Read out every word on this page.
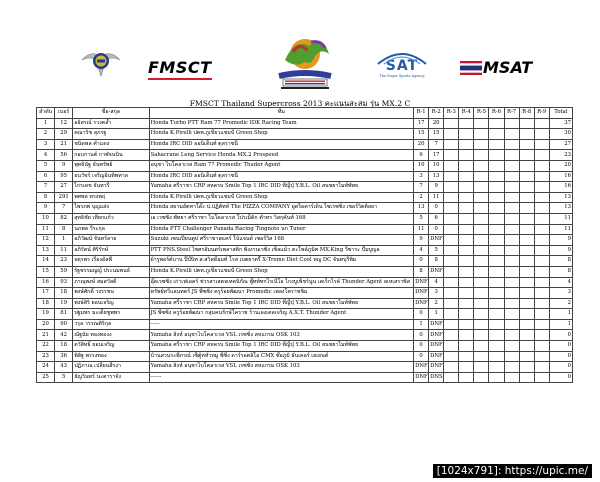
FMSCT	SAT
The Major Sports Agency	MSAT
FMSCT Thailand Supercross 2013 คะแนนสะสม รุ่น MX.2 C
ลำดับ	เบอร์	ชื่อ-สกุล	ทีม	R-1	R-2	R-3	R-4	R-5	R-6	R-7	R-8	R-9	Total
1	12	อธิสรณ์ รวงคล้ำ	Honda Turbo PTT Ram 77 Promedic IDK Racing Team	17	20								37
2	29	คณาริช สุภรฐ	Honda K.Pirelli ปตท.ภูเขียวแชมป์ Green Shop	15	15								30
3	21	ชนิดพล คำแดง	Honda IRC DID ออนิเด็นท์ ตุลราชนี	20	7								27
4	56	กอบกานต์ กาฬจนนิน	Sahacrane Leng Service Honda MX.2 Prospeed	6	17								23
5	9	พุทธินัฐ ธันทรัพย์	อนุชา ไบโคลาเรส Ram 77 Promedic Thuder Agent	10	10								20
6	95	ธนวัชร์ เจริญอินทิพทาล	Honda IRC DID ออนิเด็นท์ ตุลราชนี	3	13								16
7	27	ไกรเดช จันทวรี	Yamaha ศรีราชา CRP สหครบ Smile Top 1 IRC DID ที่ญี่ปุ่ Y.B.L. Oil สนชยาไมท์พัทย	7	9								16
8	291	พศพล ทรงพฤ่	Honda K.Pirelli ปตท.ภูเขียวแชมป์ Green Shop	2	11								13
9	7	ไพรภพ บุญแส่ง	Honda สยามอัตทาโด๊ะ ป.ปฏิตัทห์ The PIZZA COMPANY ยูดร็อคาร์เดิน ไซเรซซิ่ง เชอร์วิตติ่ลยา	13	0								13
10	82	สุทธิชัย เทียกแก้ว	เอ เรซซิ่ง พัทยา ศรีราชา ไบโคลาเรส โปรเม็ดิก ตำทร วิสกุคันท์ 168	5	6								11
11	8	นภพล วีระกุล	Honda PTT Challenger Panada Racing Tingnote นก Tuner	11	0								11
12	1	อภิวัฒน์ จันทร์ลาย	Suzuki เซนเปียนตูป ศรีราชาสแคร์ โบ้แจนด์ เซอร์วิส 168	9	DNF								9
13	11	อภิรัตน์ ศิริรักษ์	PTT PNS.Steel ไชศรอัมนตร์เพลาสติก พิงงานเรซิ่ง เซ็ลแม้ว ตะโพล์ภูมิศ MX.King วีซาระ ปั๊มบูญล	4	5								9
14	23	จตุรพร เรืองอัลพี	ผ้ารูพอร์ต์บาน ปิ๊บ๊บิท ส.สวิสดิ้อมท์ โรส เบตยาตรี้ X-Treme Diet Cool หญู DC จันทบุรีพิม	0	8								8
15	59	รัฐชรรมญญ์ ประนมพนธ์	Honda K.Pirelli ปตท.ภูเขียวแชมป์ Green Shop	8	DNF								8
16	93	ภาณุพงษ์ สมสวัสดิ์	อุ๊ดเรซซิ่ง เก่าเฟเอคร์ ช่วรสาเสตจเทคนิกัณ พู๊ทท์ทกไรเนีโอ ไกงบูเพ็ชร์นูน เคเร็กไรค์ Thunder Agent สเหเสราซิส	DNF	4								4
17	18	พงษ์ศักดิ์ วงรรชน	ทรัพย์ทวีแลนทตร์ JS พีซซิ่ง ครูร้อยพัฒนา Promedic เพลงโคราชชิม	DNF	3								3
18	19	พงษ์สิริ ยอนเจริญ	Yamaha ศรีราชา CRP สหครบ Smile Top 1 IRC DID ที่ญี่ปุ่ Y.B.L. Oil สนชยาไมท์พัทย	DNF	2								2
19	81	ปฐมพร มะเต็ยชูพพร	JS พีซซิ่ง ครูร้อยพัฒนา กลุ่มคนรักษ์โคราช ร้านเลงเตลเจริญ A.X.T. Thunder Agent	0	1								1
20	90	วรุล วรรณศิริกุล	-----	1	DNF								1
21	42	ณัฐนัย ทองทองง	Yamaha สิงห์ อนุชาไบโคลาเรส VSL เรซซิ่ง สหแกรม OSK 103	0	DNF								0
22	18	ตวัสิทธิ์ ยอนเจริญ	Yamaha ศรีราชา CRP สหครบ Smile Top 1 IRC DID ที่ญี่ปุ่ Y.B.L. Oil สนชยาไมท์พัทย	0	DNF								0
23	36	พิสิฐ พรรงทอง	บ้านสวนระพีภรณ์ เซ็ตู้ทหัวหมู พีซี่ง ดาร์รอตลิโอ CMX ซ๊อภูมิ ธันเคอร์ เยเยนต์	0	DNF								0
24	43	ปฏิภาณ เปลี่ยนสี่รงา	Yamaha สิงห์ อนุชาไบโคลาเรส VSL เรซซิ่ง สหแกรม OSK 103	DNF	DNF								0
25	5	ธัญวินทร์ นะตาราจัง	------	DNF	DNS								0
[1024x791]: https://upic.me/
